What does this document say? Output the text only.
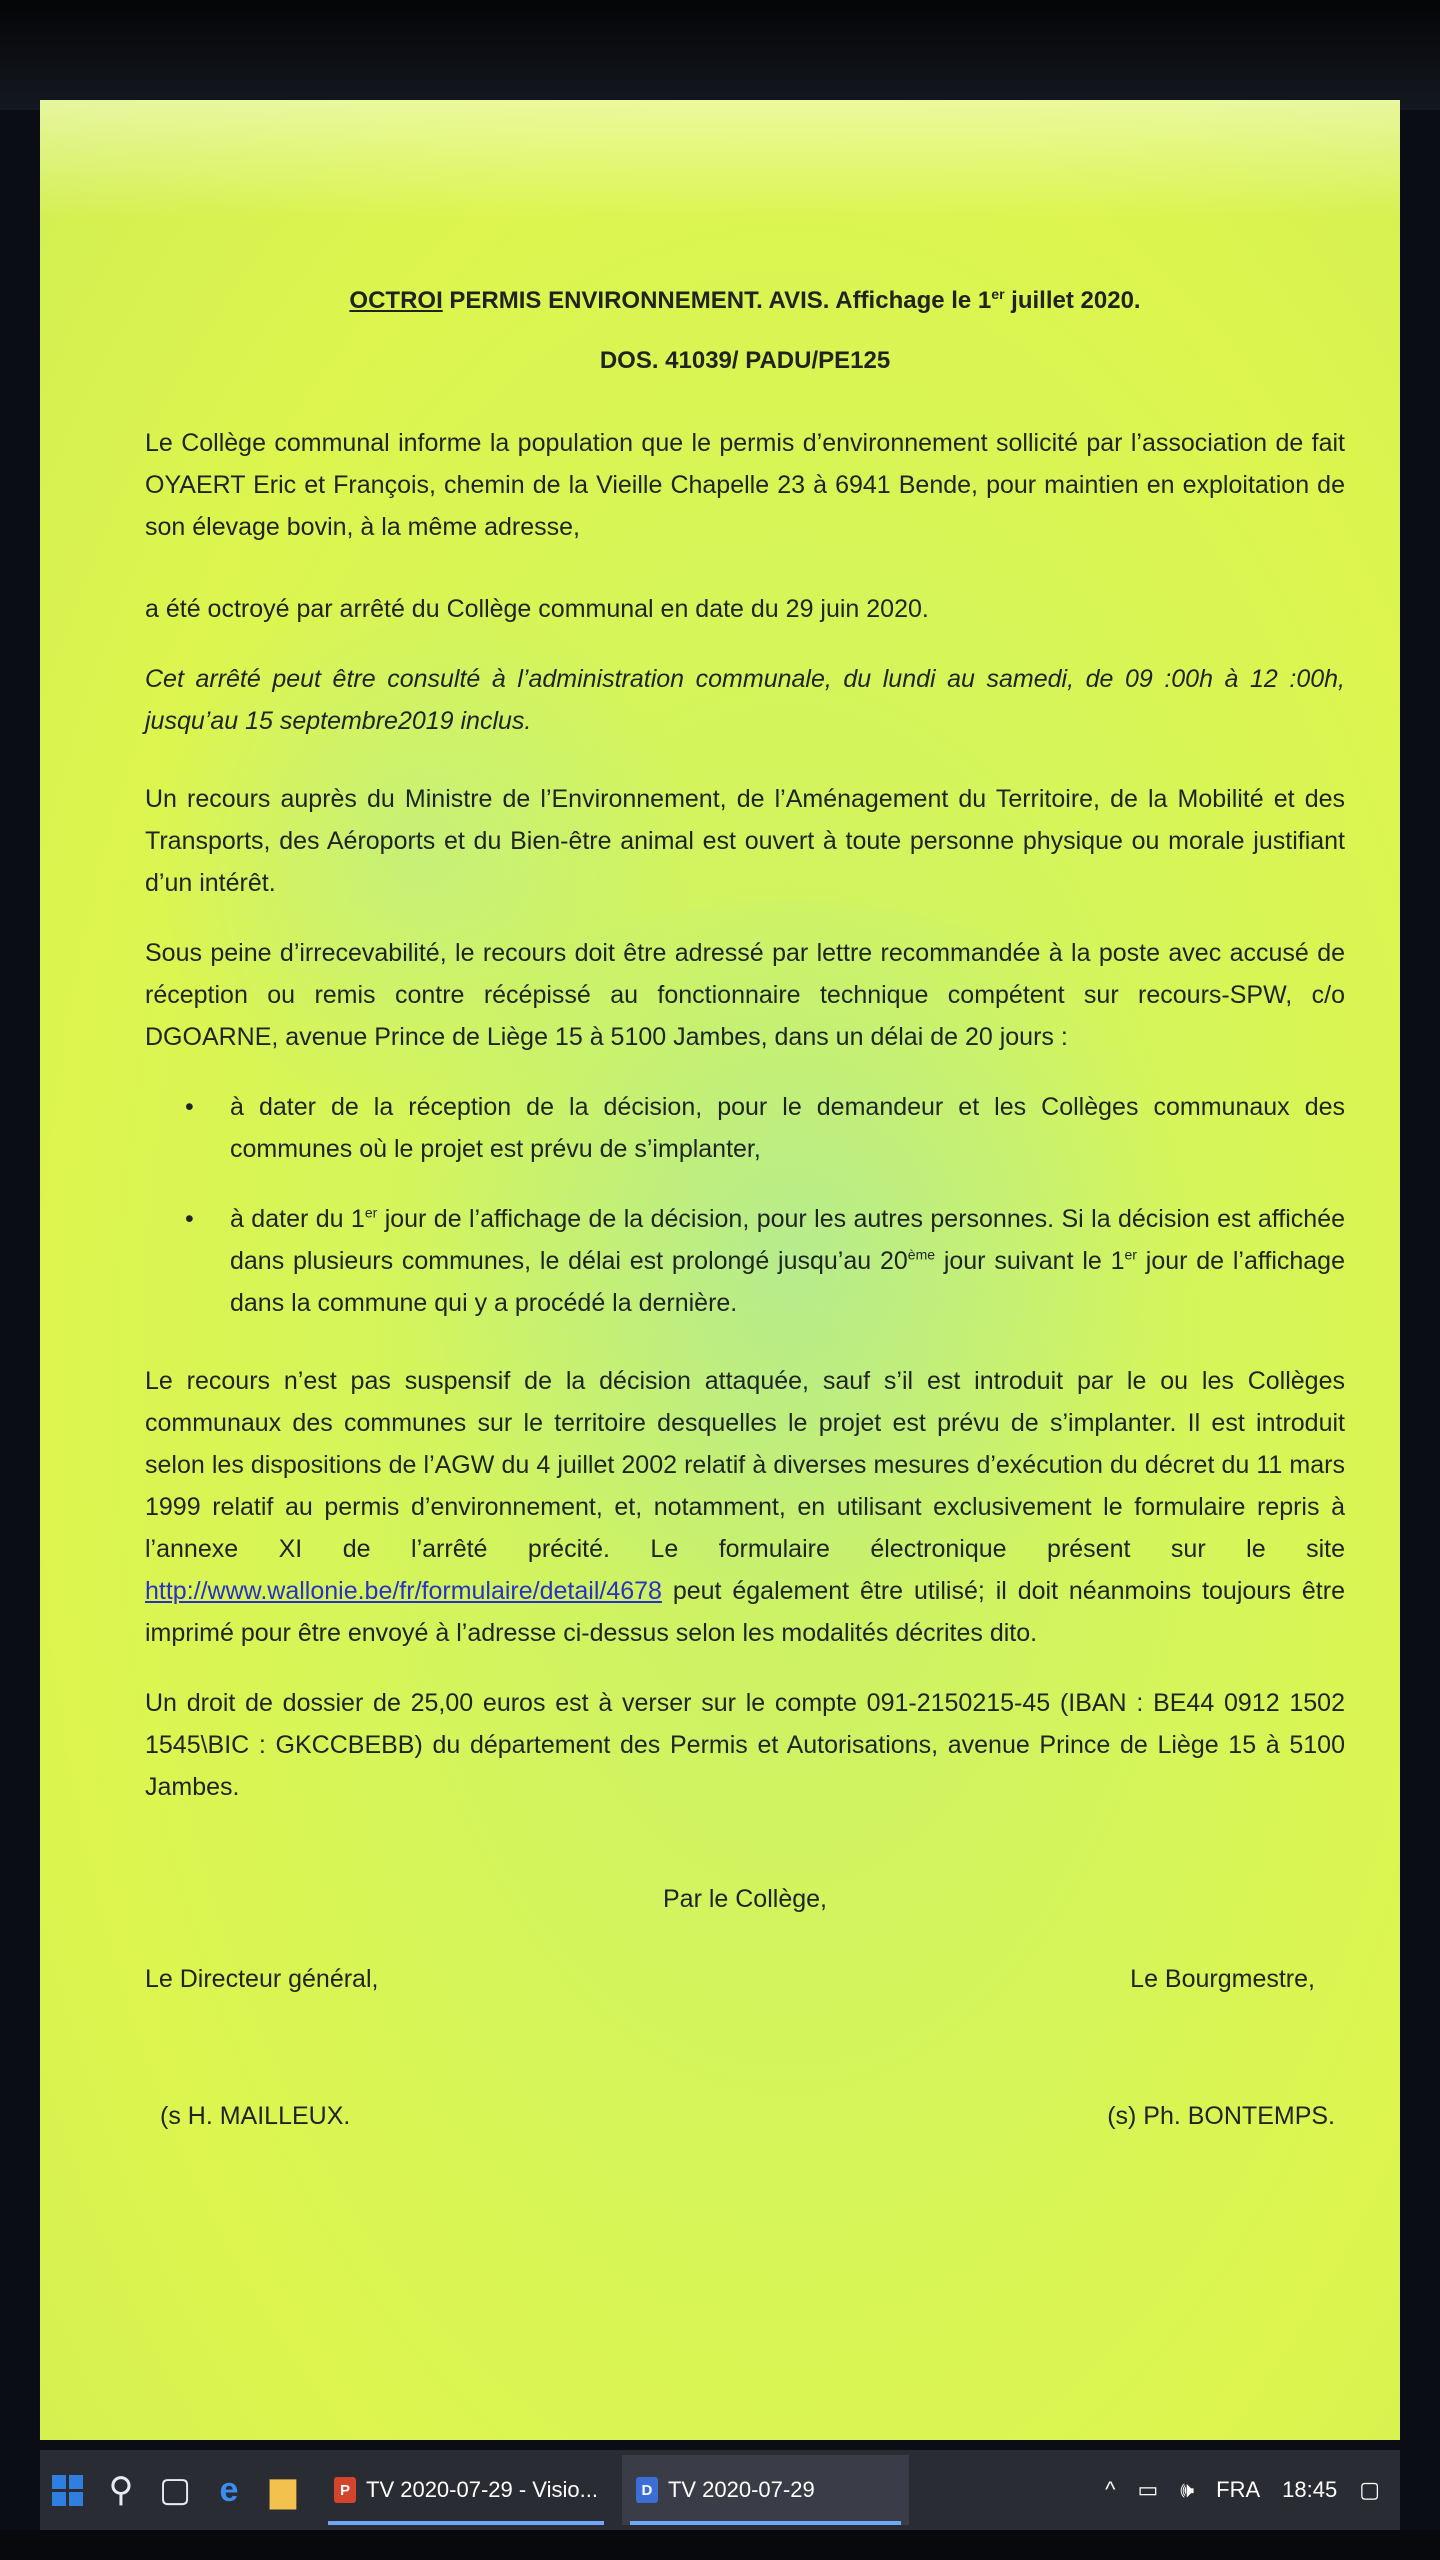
OCTROI PERMIS ENVIRONNEMENT. AVIS. Affichage le 1er juillet 2020.

DOS. 41039/ PADU/PE125

Le Collège communal informe la population que le permis d’environnement sollicité par l’association de fait OYAERT Eric et François, chemin de la Vieille Chapelle 23 à 6941 Bende, pour maintien en exploitation de son élevage bovin, à la même adresse,

a été octroyé par arrêté du Collège communal en date du 29 juin 2020.

Cet arrêté peut être consulté à l’administration communale, du lundi au samedi, de 09 :00h à 12 :00h, jusqu’au 15 septembre2019 inclus.

Un recours auprès du Ministre de l’Environnement, de l’Aménagement du Territoire, de la Mobilité et des Transports, des Aéroports et du Bien-être animal est ouvert à toute personne physique ou morale justifiant d’un intérêt.

Sous peine d’irrecevabilité, le recours doit être adressé par lettre recommandée à la poste avec accusé de réception ou remis contre récépissé au fonctionnaire technique compétent sur recours-SPW, c/o DGOARNE, avenue Prince de Liège 15 à 5100 Jambes, dans un délai de 20 jours :

•	à dater de la réception de la décision, pour le demandeur et les Collèges communaux des communes où le projet est prévu de s’implanter,
•	à dater du 1er jour de l’affichage de la décision, pour les autres personnes. Si la décision est affichée dans plusieurs communes, le délai est prolongé jusqu’au 20ème jour suivant le 1er jour de l’affichage dans la commune qui y a procédé la dernière.

Le recours n’est pas suspensif de la décision attaquée, sauf s’il est introduit par le ou les Collèges communaux des communes sur le territoire desquelles le projet est prévu de s’implanter. Il est introduit selon les dispositions de l’AGW du 4 juillet 2002 relatif à diverses mesures d’exécution du décret du 11 mars 1999 relatif au permis d’environnement, et, notamment, en utilisant exclusivement le formulaire repris à l’annexe XI de l’arrêté précité. Le formulaire électronique présent sur le site http://www.wallonie.be/fr/formulaire/detail/4678 peut également être utilisé; il doit néanmoins toujours être imprimé pour être envoyé à l’adresse ci-dessus selon les modalités décrites dito.

Un droit de dossier de 25,00 euros est à verser sur le compte 091-2150215-45 (IBAN : BE44 0912 1502 1545\BIC : GKCCBEBB) du département des Permis et Autorisations, avenue Prince de Liège 15 à 5100 Jambes.

Par le Collège,
Le Directeur général,	Le Bourgmestre,
(s H. MAILLEUX.	(s) Ph. BONTEMPS.
⚲ ▢ e ▆	P TV 2020-07-29 - Visio...	D TV 2020-07-29	^ ▭ 🕪 FRA 18:45 ▢
